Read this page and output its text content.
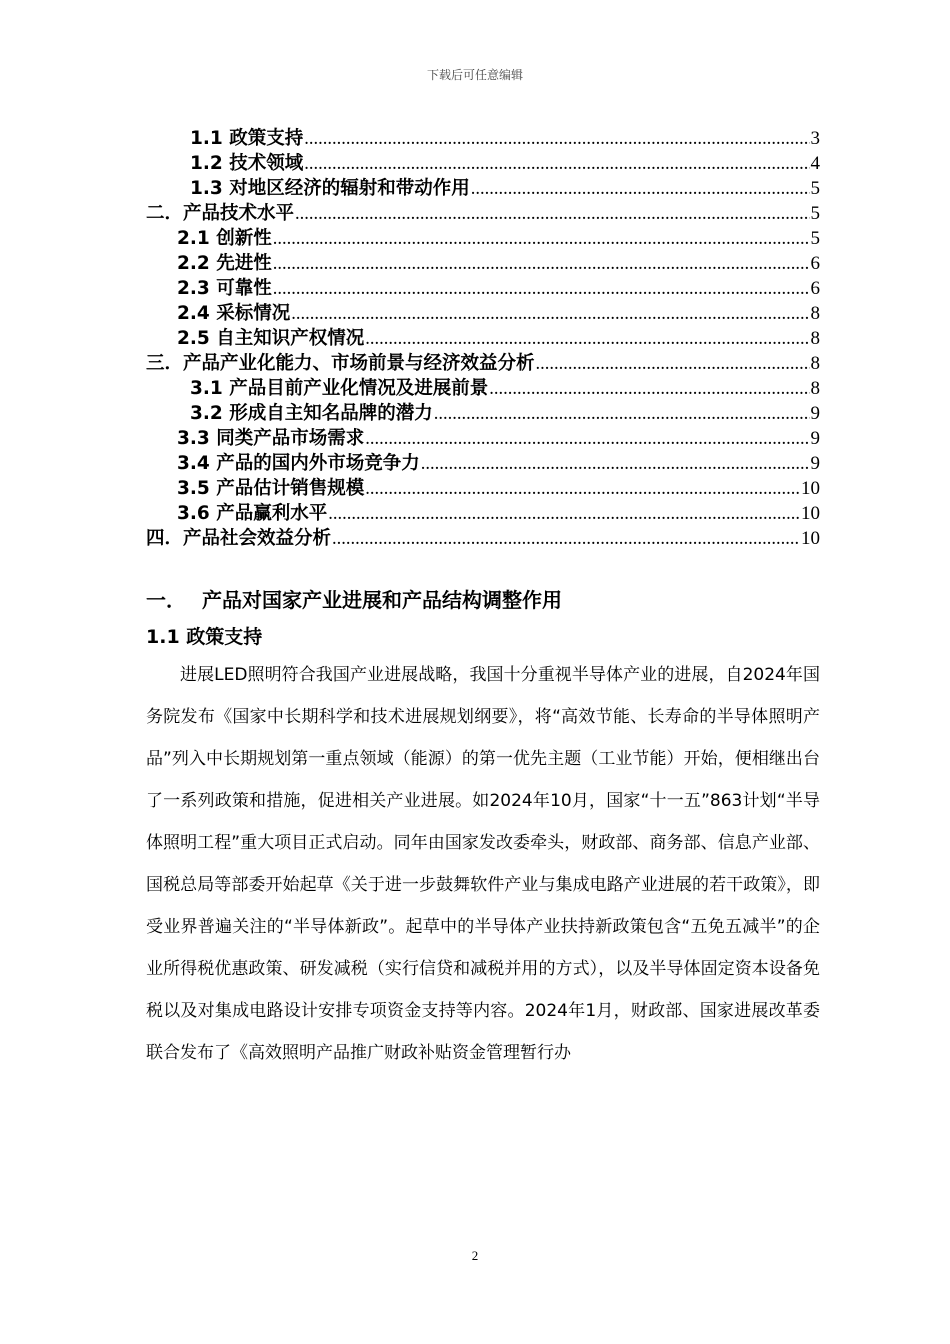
下载后可任意编辑
1.1 政策支持 .....	3
1.2 技术领域 .....	4
1.3 对地区经济的辐射和带动作用 .....	5
二．产品技术水平 .....	5
2.1 创新性 .....	5
2.2 先进性 .....	6
2.3 可靠性 .....	6
2.4 采标情况 .....	8
2.5 自主知识产权情况 .....	8
三．产品产业化能力、市场前景与经济效益分析 .....	8
3.1 产品目前产业化情况及进展前景 .....	8
3.2 形成自主知名品牌的潜力 .....	9
3.3 同类产品市场需求 .....	9
3.4 产品的国内外市场竞争力 .....	9
3.5 产品估计销售规模 .....	10
3.6 产品赢利水平 .....	10
四．产品社会效益分析 .....	10
一． 产品对国家产业进展和产品结构调整作用
1.1 政策支持

进展LED照明符合我国产业进展战略，我国十分重视半导体产业的进展，自2024年国务院发布《国家中长期科学和技术进展规划纲要》，将“高效节能、长寿命的半导体照明产品”列入中长期规划第一重点领域（能源）的第一优先主题（工业节能）开始，便相继出台了一系列政策和措施，促进相关产业进展。如2024年10月，国家“十一五”863计划“半导体照明工程”重大项目正式启动。同年由国家发改委牵头，财政部、商务部、信息产业部、国税总局等部委开始起草《关于进一步鼓舞软件产业与集成电路产业进展的若干政策》，即受业界普遍关注的“半导体新政”。起草中的半导体产业扶持新政策包含“五免五减半”的企业所得税优惠政策、研发减税（实行信贷和减税并用的方式），以及半导体固定资本设备免税以及对集成电路设计安排专项资金支持等内容。2024年1月，财政部、国家进展改革委联合发布了《高效照明产品推广财政补贴资金管理暂行办

2
